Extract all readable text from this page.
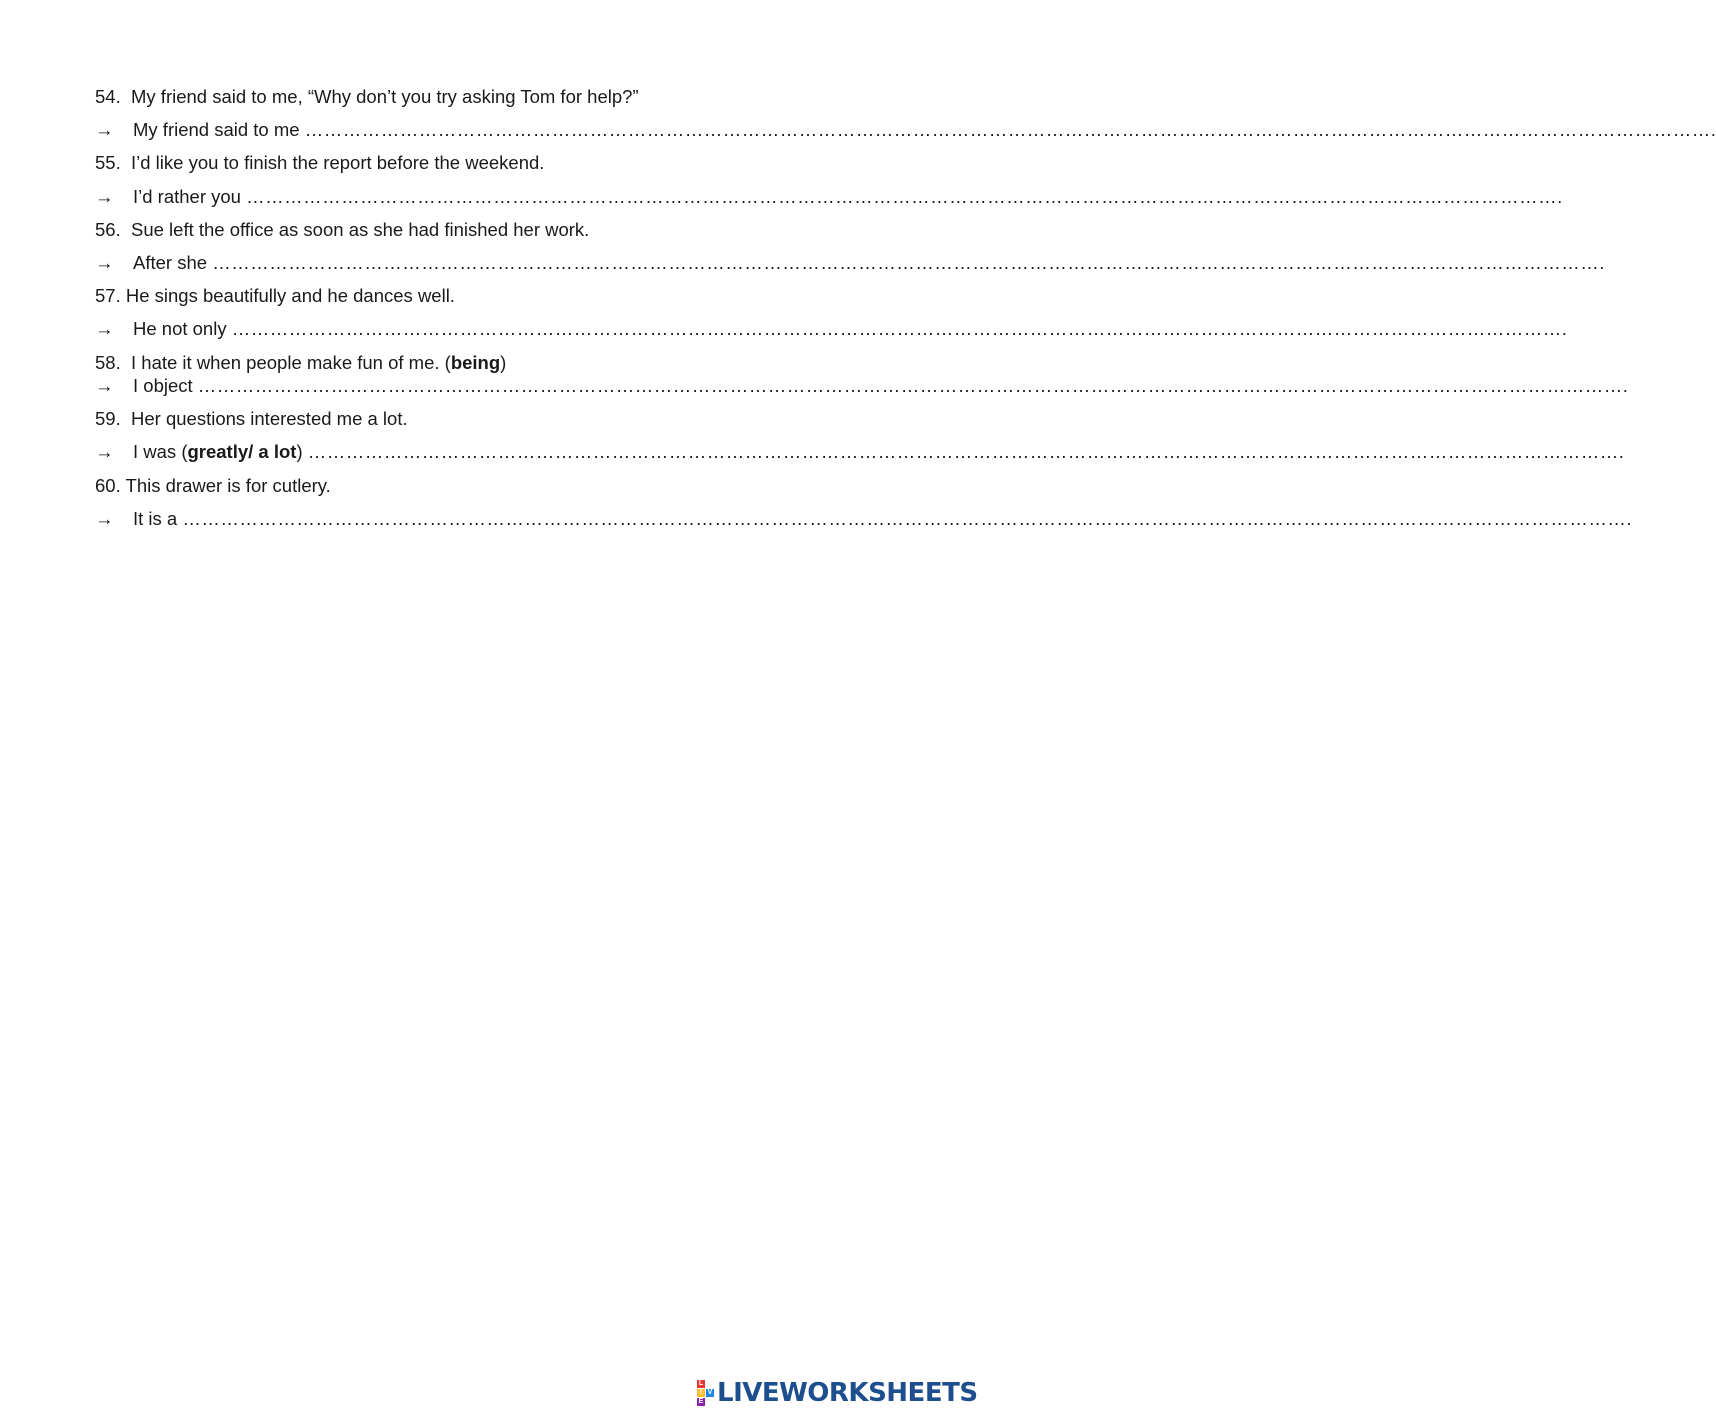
54. My friend said to me, “Why don’t you try asking Tom for help?”
→ My friend said to me …………………………………………………………………………………………………………………………………………………………………………………………………….
55. I’d like you to finish the report before the weekend.
→ I’d rather you ……………………………………………………………………………………………………………………………………………………………………………………….
56. Sue left the office as soon as she had finished her work.
→ After she ………………………………………………………………………………………………………………………………………………………………………………………………….
57. He sings beautifully and he dances well.
→ He not only ………………………………………………………………………………………………………………………………………………………………………………………….
58. I hate it when people make fun of me. (being)
→ I object ……………………………………………………………………………………………………………………………………………………………………………………………………….
59. Her questions interested me a lot.
→ I was (greatly/ a lot) ……………………………………………………………………………………………………………………………………………………………………………………….
60. This drawer is for cutlery.
→ It is a ………………………………………………………………………………………………………………………………………………………………………………………………………….
L
I V
E LIVEWORKSHEETS
